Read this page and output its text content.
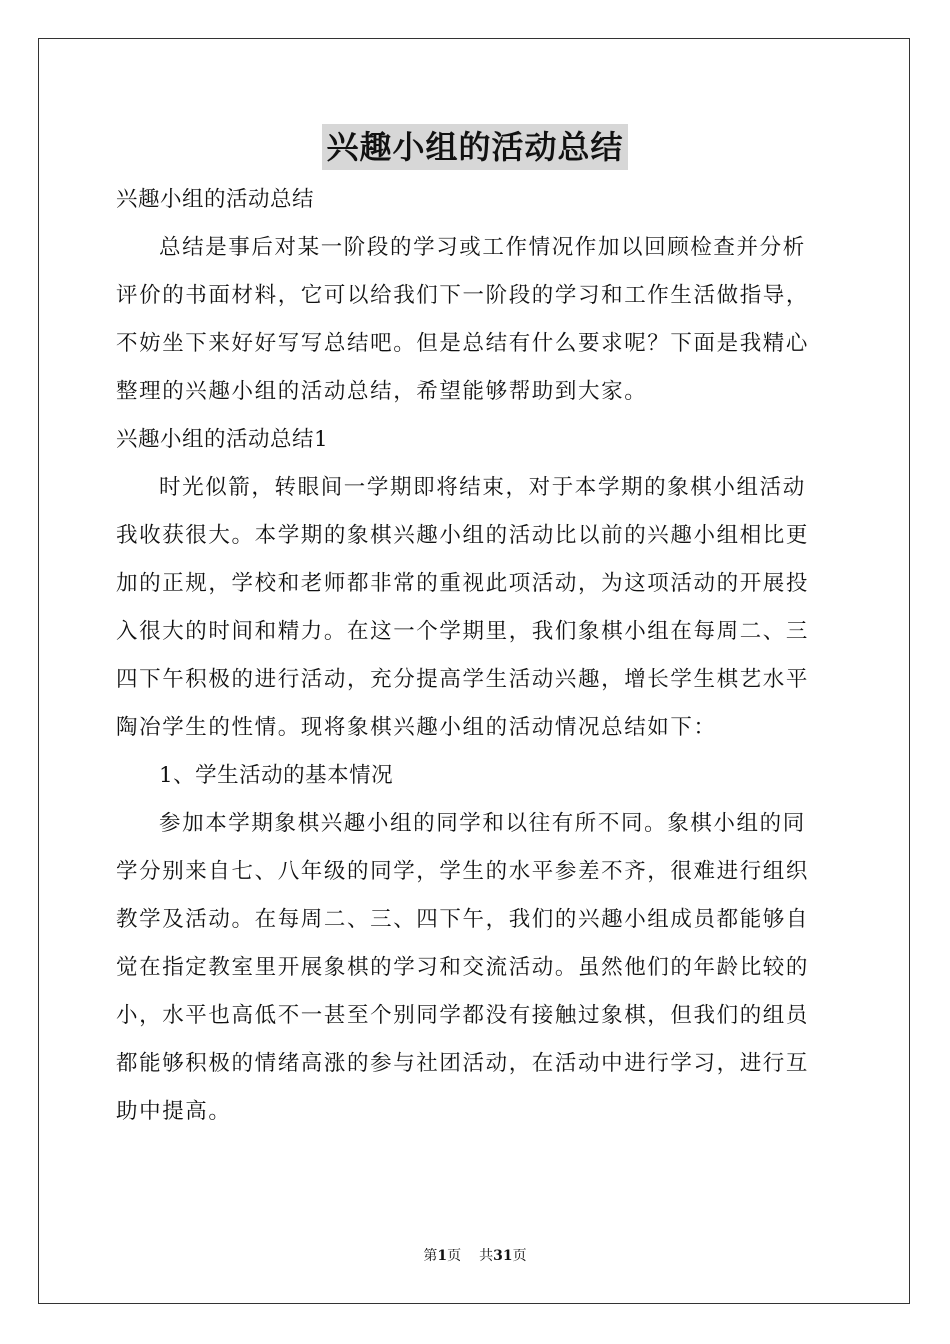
兴趣小组的活动总结

兴趣小组的活动总结

总结是事后对某一阶段的学习或工作情况作加以回顾检查并分析

评价的书面材料，它可以给我们下一阶段的学习和工作生活做指导，

不妨坐下来好好写写总结吧。但是总结有什么要求呢？下面是我精心

整理的兴趣小组的活动总结，希望能够帮助到大家。

兴趣小组的活动总结1

时光似箭，转眼间一学期即将结束，对于本学期的象棋小组活动

我收获很大。本学期的象棋兴趣小组的活动比以前的兴趣小组相比更

加的正规，学校和老师都非常的重视此项活动，为这项活动的开展投

入很大的时间和精力。在这一个学期里，我们象棋小组在每周二、三

四下午积极的进行活动，充分提高学生活动兴趣，增长学生棋艺水平

陶冶学生的性情。现将象棋兴趣小组的活动情况总结如下：

1、学生活动的基本情况

参加本学期象棋兴趣小组的同学和以往有所不同。象棋小组的同

学分别来自七、八年级的同学，学生的水平参差不齐，很难进行组织

教学及活动。在每周二、三、四下午，我们的兴趣小组成员都能够自

觉在指定教室里开展象棋的学习和交流活动。虽然他们的年龄比较的

小，水平也高低不一甚至个别同学都没有接触过象棋，但我们的组员

都能够积极的情绪高涨的参与社团活动，在活动中进行学习，进行互

助中提高。

第1页 共31页
